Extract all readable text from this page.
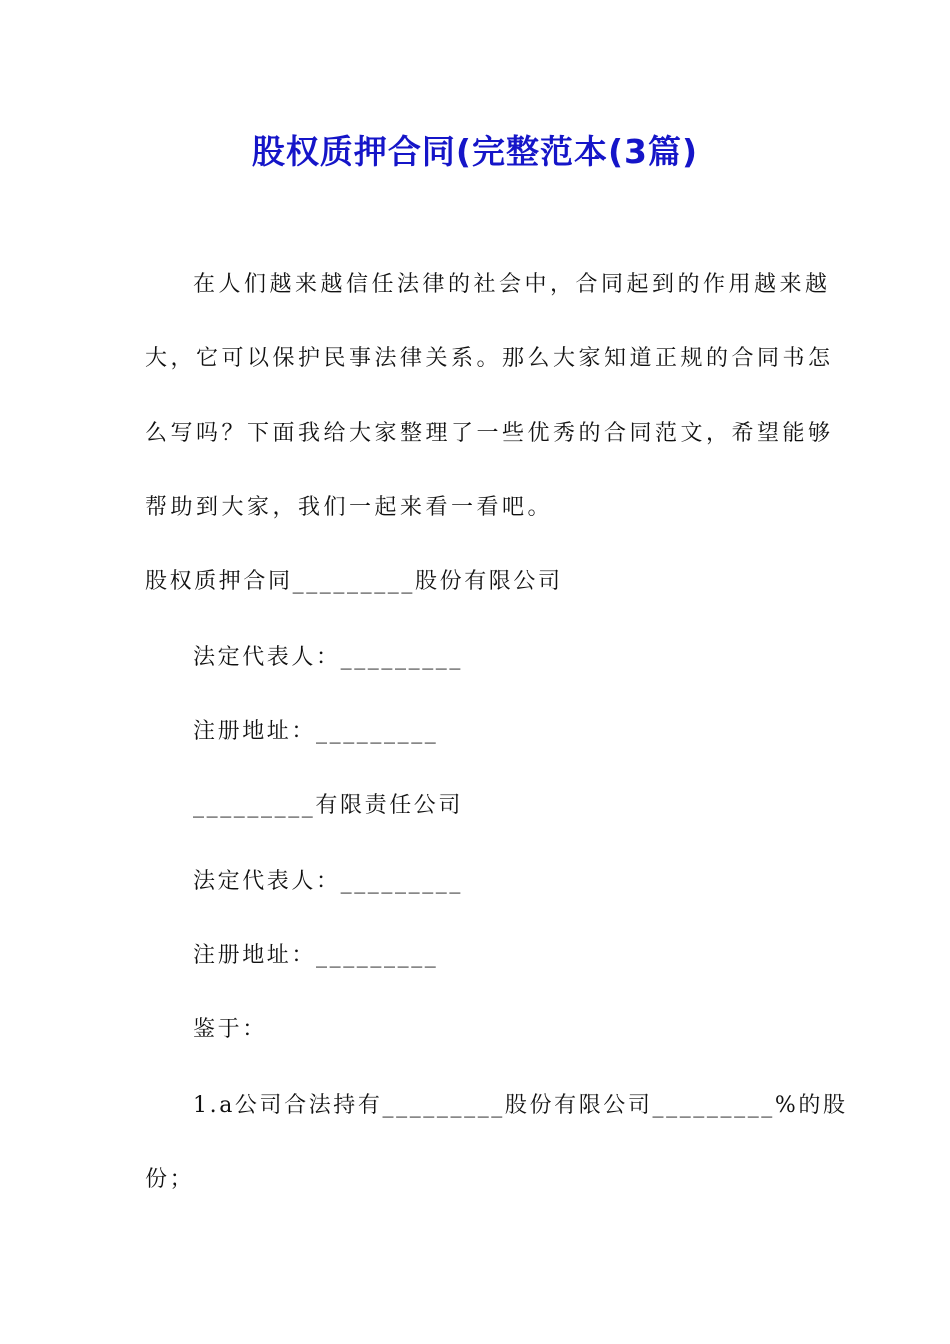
股权质押合同(完整范本(3篇)

在人们越来越信任法律的社会中，合同起到的作用越来越

大，它可以保护民事法律关系。那么大家知道正规的合同书怎

么写吗？下面我给大家整理了一些优秀的合同范文，希望能够

帮助到大家，我们一起来看一看吧。

股权质押合同_________股份有限公司

法定代表人：_________

注册地址：_________

_________有限责任公司

法定代表人：_________

注册地址：_________

鉴于：

1.a公司合法持有_________股份有限公司_________%的股

份；
